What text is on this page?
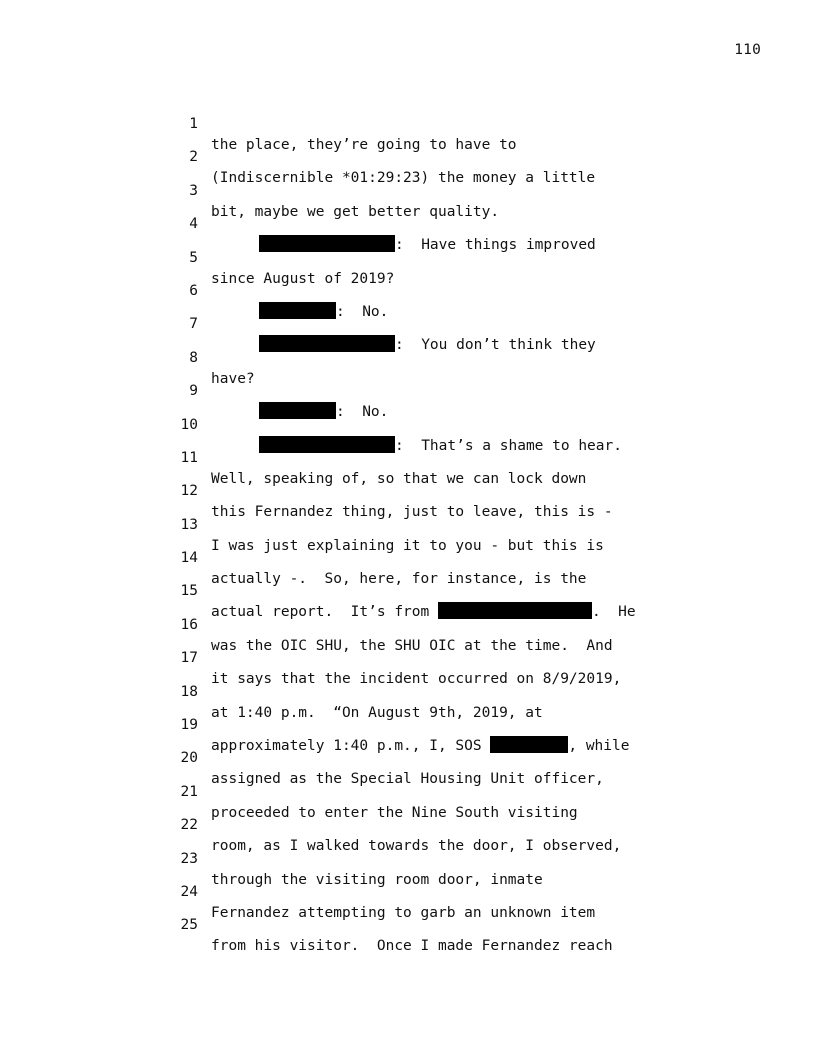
110

1

the place, they’re going to have to

2

(Indiscernible *01:29:23) the money a little

3

bit, maybe we get better quality.

4

:  Have things improved

5

since August of 2019?

6

:  No.

7

:  You don’t think they

8

have?

9

:  No.

10

:  That’s a shame to hear.

11

Well, speaking of, so that we can lock down

12

this Fernandez thing, just to leave, this is -

13

I was just explaining it to you - but this is

14

actually -.  So, here, for instance, is the

15

actual report.  It’s from	.  He

16

was the OIC SHU, the SHU OIC at the time.  And

17

it says that the incident occurred on 8/9/2019,

18

at 1:40 p.m.  “On August 9th, 2019, at

19

approximately 1:40 p.m., I, SOS	, while

20

assigned as the Special Housing Unit officer,

21

proceeded to enter the Nine South visiting

22

room, as I walked towards the door, I observed,

23

through the visiting room door, inmate

24

Fernandez attempting to garb an unknown item

25

from his visitor.  Once I made Fernandez reach
